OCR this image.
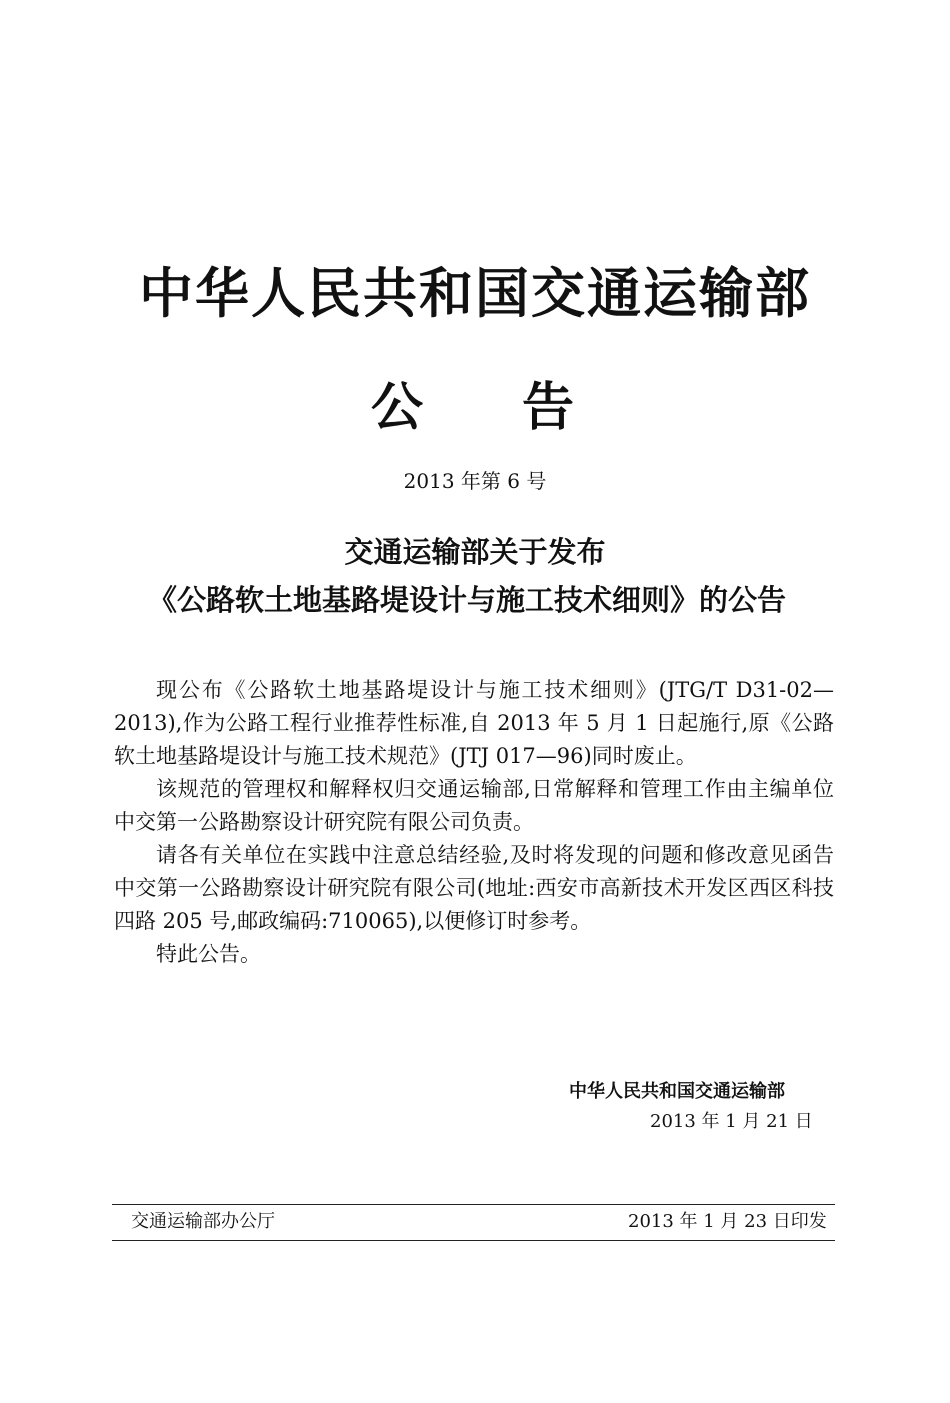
中华人民共和国交通运输部
公 告
2013 年第 6 号
交通运输部关于发布
《公路软土地基路堤设计与施工技术细则》的公告

现公布《公路软土地基路堤设计与施工技术细则》(JTG/T D31-02—2013),作为公路工程行业推荐性标准,自 2013 年 5 月 1 日起施行,原《公路软土地基路堤设计与施工技术规范》(JTJ 017—96)同时废止。

该规范的管理权和解释权归交通运输部,日常解释和管理工作由主编单位中交第一公路勘察设计研究院有限公司负责。

请各有关单位在实践中注意总结经验,及时将发现的问题和修改意见函告中交第一公路勘察设计研究院有限公司(地址:西安市高新技术开发区西区科技四路 205 号,邮政编码:710065),以便修订时参考。

特此公告。

中华人民共和国交通运输部
2013 年 1 月 21 日
交通运输部办公厅	2013 年 1 月 23 日印发
